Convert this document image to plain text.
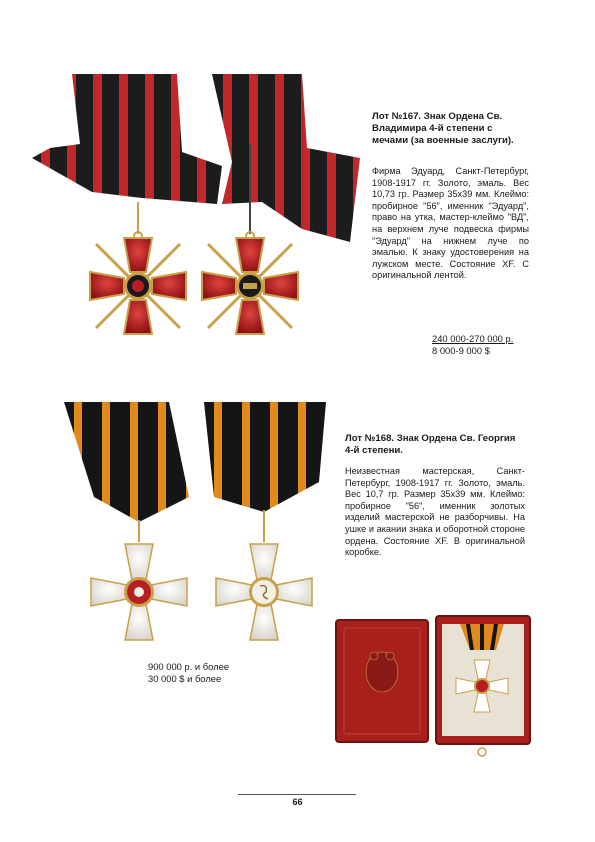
Лот №167. Знак Ордена Св. Владимира 4-й степени с мечами (за военные заслуги).
Фирма Эдуард, Санкт-Петербург, 1908-1917 гг. Золото, эмаль. Вес 10,73 гр. Размер 35х39 мм. Клеймо: пробирное "56", именник "Эдуард", право на утка, мастер-клеймо "ВД", на верхнем луче подвеска фирмы "Эдуард" на нижнем луче по эмалью. К знаку удостоверения на лужском месте. Состояние XF. С оригинальной лентой.
240 000-270 000 р.
8 000-9 000 $
Лот №168. Знак Ордена Св. Георгия 4-й степени.
Неизвестная мастерская, Санкт-Петербург, 1908-1917 гг. Золото, эмаль. Вес 10,7 гр. Размер 35х39 мм. Клеймо: пробирное "56", именник золотых изделий мастерской не разборчивы. На ушке и акании знака и оборотной стороне ордена. Состояние XF. В оригинальной коробке.
900 000 р. и более
30 000 $ и более
66
